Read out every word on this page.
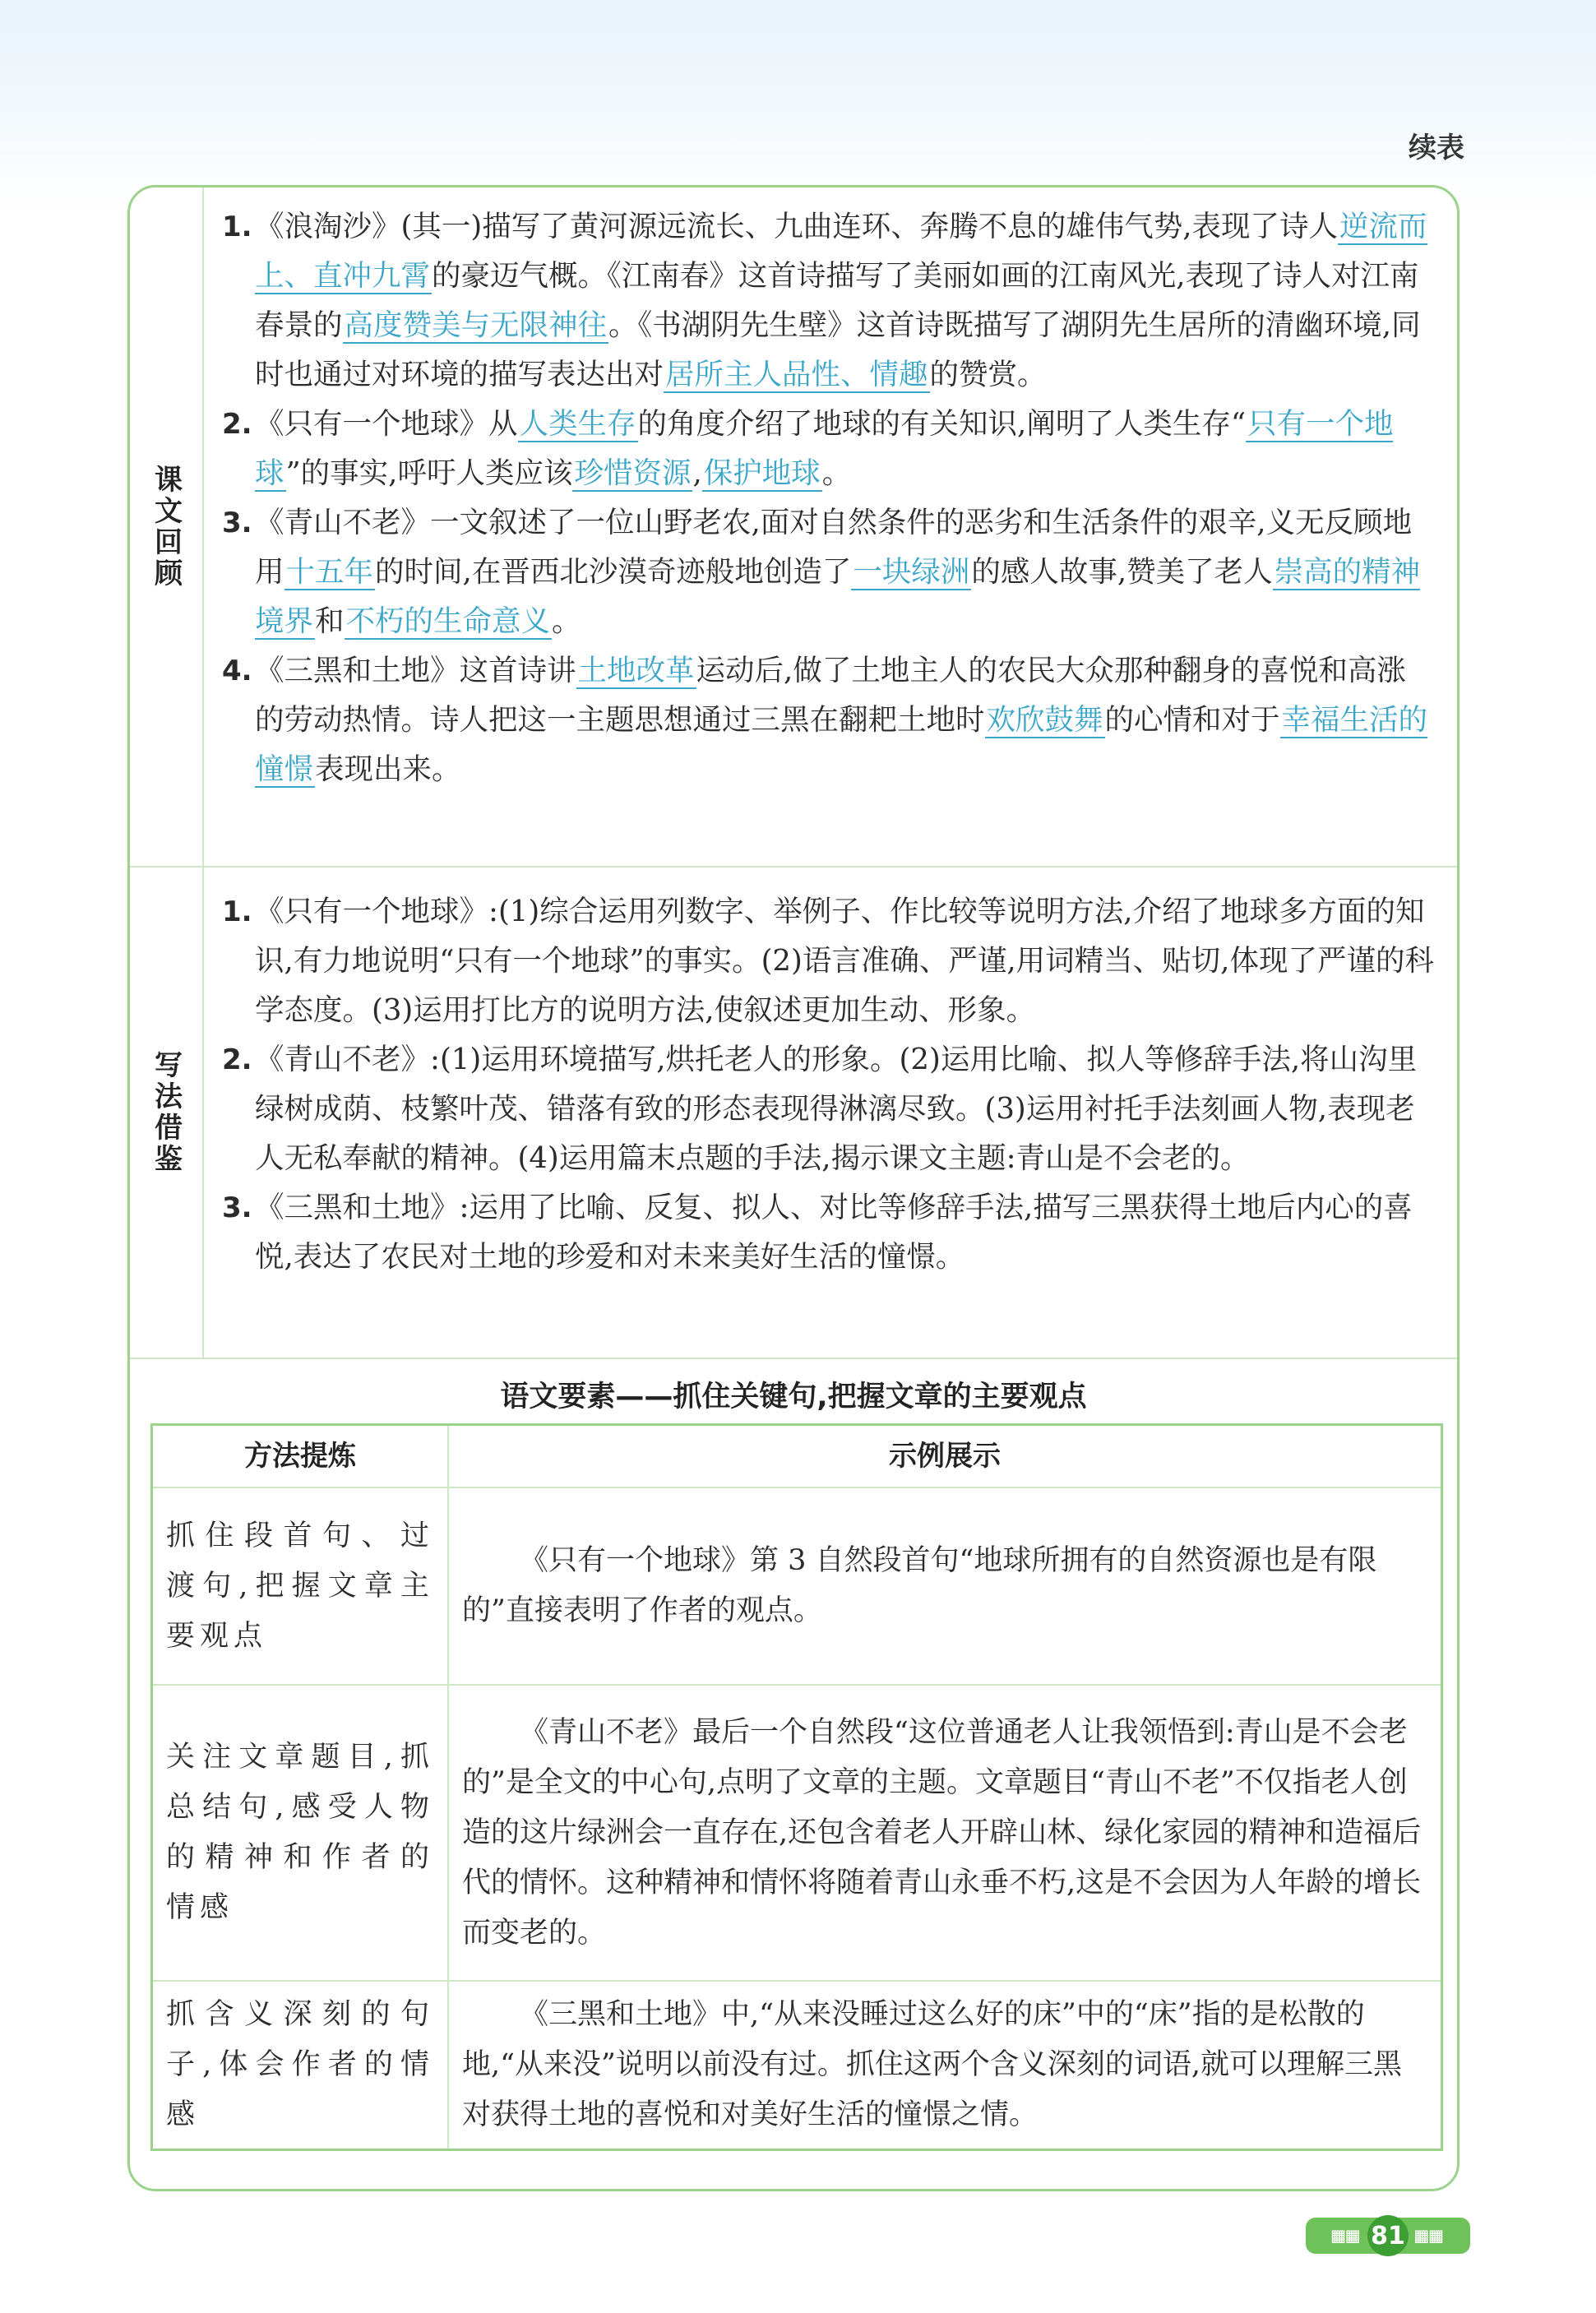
续表
课文回顾

1. 《浪淘沙》(其一)描写了黄河源远流长、九曲连环、奔腾不息的雄伟气势,表现了诗人逆流而上、直冲九霄的豪迈气概。《江南春》这首诗描写了美丽如画的江南风光,表现了诗人对江南春景的高度赞美与无限神往。《书湖阴先生壁》这首诗既描写了湖阴先生居所的清幽环境,同时也通过对环境的描写表达出对居所主人品性、情趣的赞赏。

2. 《只有一个地球》从人类生存的角度介绍了地球的有关知识,阐明了人类生存“只有一个地球”的事实,呼吁人类应该珍惜资源,保护地球。

3. 《青山不老》一文叙述了一位山野老农,面对自然条件的恶劣和生活条件的艰辛,义无反顾地用十五年的时间,在晋西北沙漠奇迹般地创造了一块绿洲的感人故事,赞美了老人崇高的精神境界和不朽的生命意义。

4. 《三黑和土地》这首诗讲土地改革运动后,做了土地主人的农民大众那种翻身的喜悦和高涨的劳动热情。诗人把这一主题思想通过三黑在翻耙土地时欢欣鼓舞的心情和对于幸福生活的憧憬表现出来。

写法借鉴

1. 《只有一个地球》:(1)综合运用列数字、举例子、作比较等说明方法,介绍了地球多方面的知识,有力地说明“只有一个地球”的事实。(2)语言准确、严谨,用词精当、贴切,体现了严谨的科学态度。(3)运用打比方的说明方法,使叙述更加生动、形象。

2. 《青山不老》:(1)运用环境描写,烘托老人的形象。(2)运用比喻、拟人等修辞手法,将山沟里绿树成荫、枝繁叶茂、错落有致的形态表现得淋漓尽致。(3)运用衬托手法刻画人物,表现老人无私奉献的精神。(4)运用篇末点题的手法,揭示课文主题:青山是不会老的。

3. 《三黑和土地》:运用了比喻、反复、拟人、对比等修辞手法,描写三黑获得土地后内心的喜悦,表达了农民对土地的珍爱和对未来美好生活的憧憬。

语文要素——抓住关键句,把握文章的主要观点
方法提炼	示例展示
抓住段首句、过渡句,把握文章主要观点	《只有一个地球》第 3 自然段首句“地球所拥有的自然资源也是有限的”直接表明了作者的观点。
关注文章题目,抓总结句,感受人物的精神和作者的情感	《青山不老》最后一个自然段“这位普通老人让我领悟到:青山是不会老的”是全文的中心句,点明了文章的主题。文章题目“青山不老”不仅指老人创造的这片绿洲会一直存在,还包含着老人开辟山林、绿化家园的精神和造福后代的情怀。这种精神和情怀将随着青山永垂不朽,这是不会因为人年龄的增长而变老的。
抓含义深刻的句子,体会作者的情感	《三黑和土地》中,“从来没睡过这么好的床”中的“床”指的是松散的地,“从来没”说明以前没有过。抓住这两个含义深刻的词语,就可以理解三黑对获得土地的喜悦和对美好生活的憧憬之情。
▦▦ 81 ▦▦
